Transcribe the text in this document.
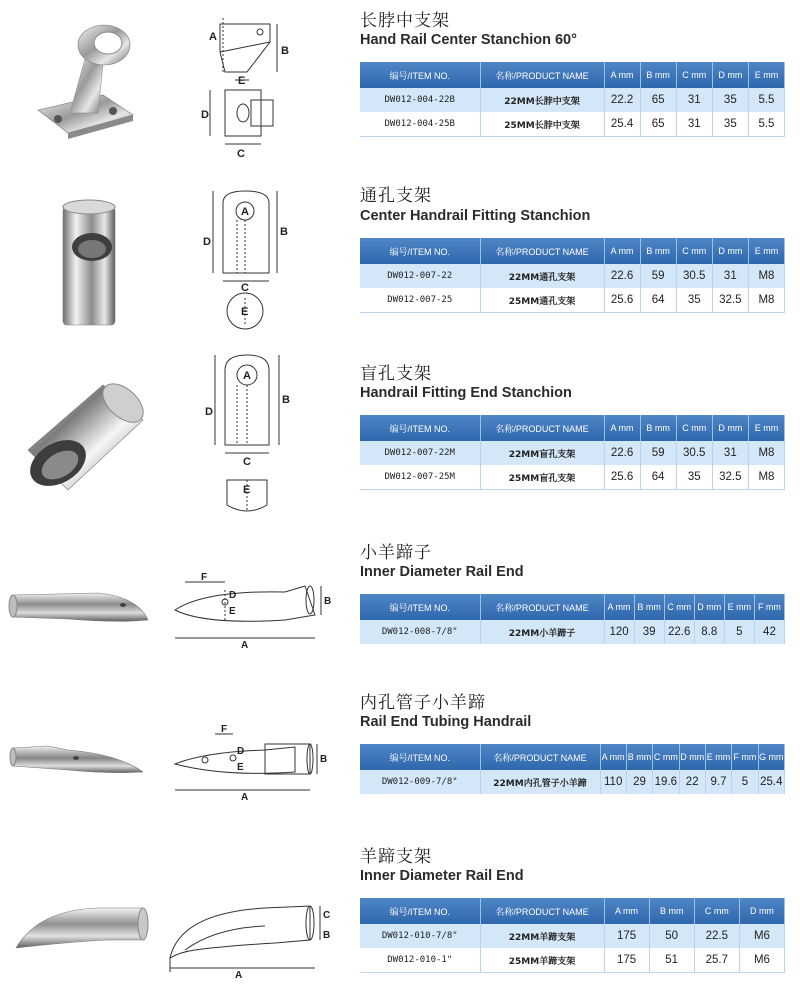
A
B
E
D
C
长脖中支架
Hand Rail Center Stanchion 60°
编号/ITEM NO.	名称/PRODUCT NAME	A mm	B mm	C mm	D mm	E mm
DW012-004-22B	22MM长脖中支架	22.2	65	31	35	5.5
DW012-004-25B	25MM长脖中支架	25.4	65	31	35	5.5
A
B
D
C
E
通孔支架
Center Handrail Fitting Stanchion
编号/ITEM NO.	名称/PRODUCT NAME	A mm	B mm	C mm	D mm	E mm
DW012-007-22	22MM通孔支架	22.6	59	30.5	31	M8
DW012-007-25	25MM通孔支架	25.6	64	35	32.5	M8
A
B
D
C
E
盲孔支架
Handrail Fitting End Stanchion
编号/ITEM NO.	名称/PRODUCT NAME	A mm	B mm	C mm	D mm	E mm
DW012-007-22M	22MM盲孔支架	22.6	59	30.5	31	M8
DW012-007-25M	25MM盲孔支架	25.6	64	35	32.5	M8
F
D
E
B
A
小羊蹄子
Inner Diameter Rail End
编号/ITEM NO.	名称/PRODUCT NAME	A mm	B mm	C mm	D mm	E mm	F mm
DW012-008-7/8"	22MM小羊蹄子	120	39	22.6	8.8	5	42
F
D
E
B
A
内孔管子小羊蹄
Rail End Tubing Handrail
编号/ITEM NO.	名称/PRODUCT NAME	A mm	B mm	C mm	D mm	E mm	F mm	G mm
DW012-009-7/8"	22MM内孔管子小羊蹄	110	29	19.6	22	9.7	5	25.4
C
B
A
羊蹄支架
Inner Diameter Rail End
编号/ITEM NO.	名称/PRODUCT NAME	A mm	B mm	C mm	D mm
DW012-010-7/8"	22MM羊蹄支架	175	50	22.5	M6
DW012-010-1"	25MM羊蹄支架	175	51	25.7	M6
